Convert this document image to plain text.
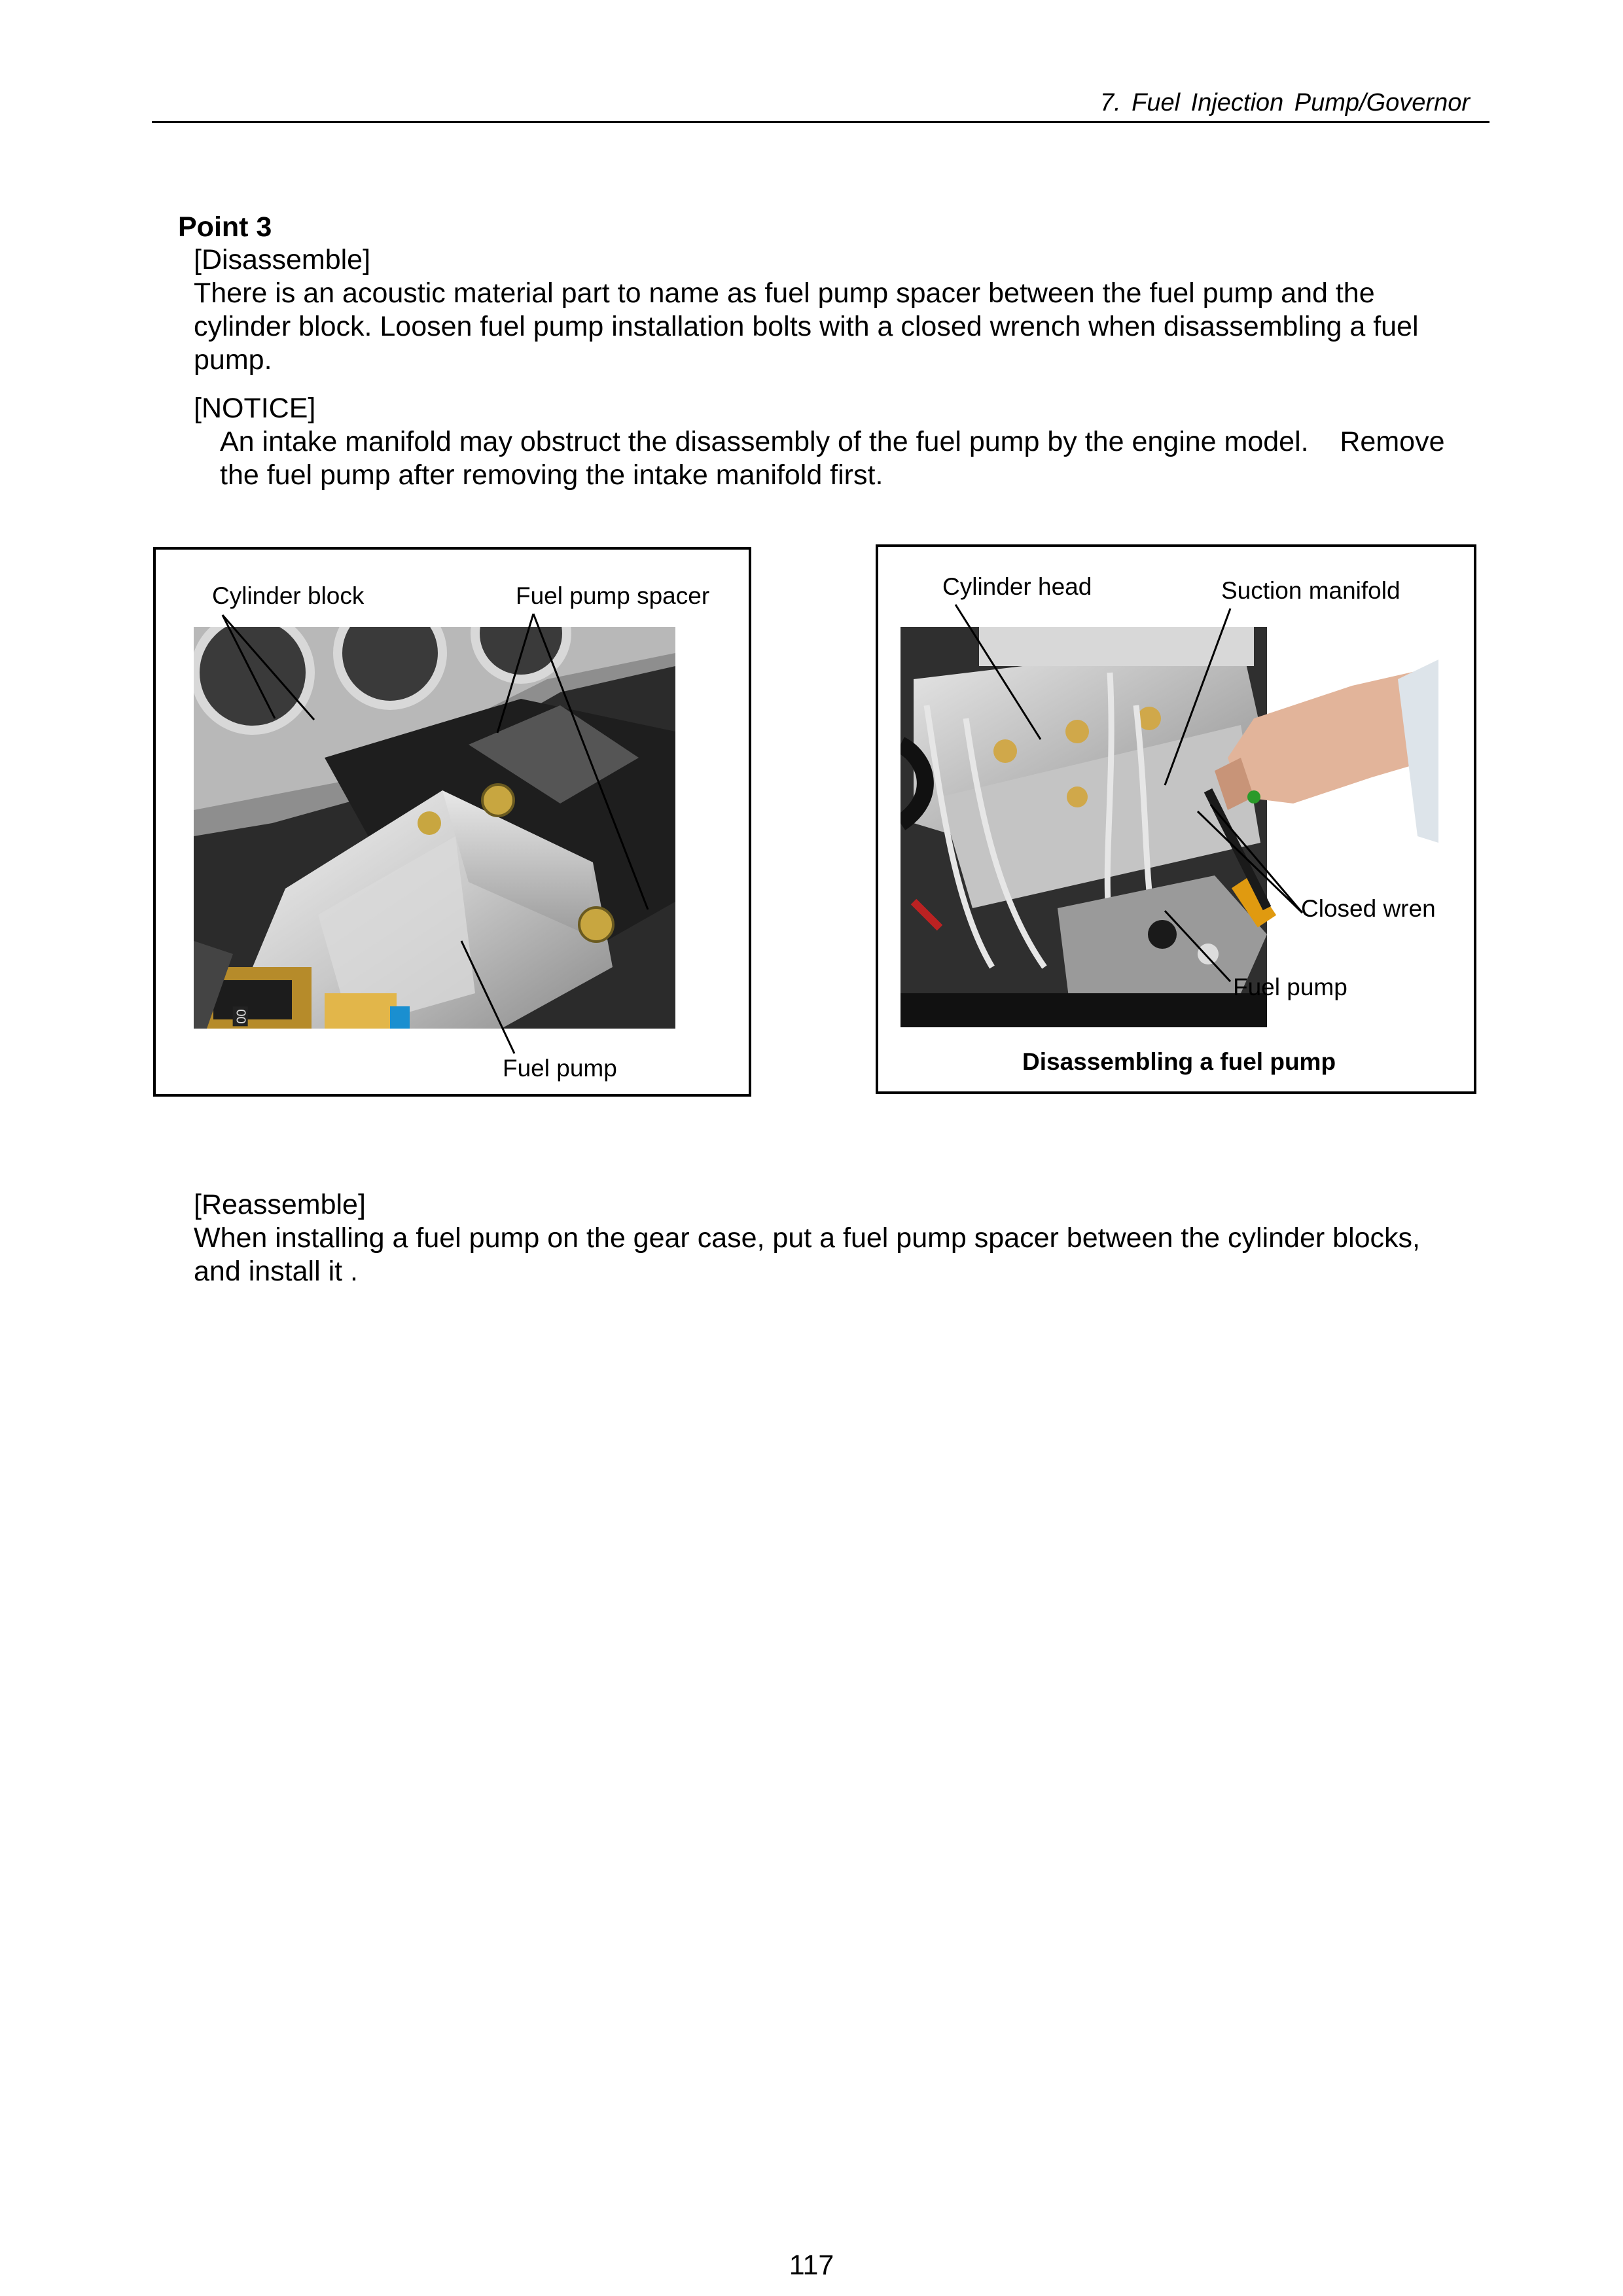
7. Fuel Injection Pump/Governor
Point 3
[Disassemble]
There is an acoustic material part to name as fuel pump spacer between the fuel pump and the
cylinder block. Loosen fuel pump installation bolts with a closed wrench when disassembling a fuel
pump.
[NOTICE]
An intake manifold may obstruct the disassembly of the fuel pump by the engine model.    Remove
the fuel pump after removing the intake manifold first.
00
Cylinder block	Fuel pump spacer
Fuel pump
Cylinder head	Suction manifold
Closed wren
Fuel pump
Disassembling a fuel pump
[Reassemble]
When installing a fuel pump on the gear case, put a fuel pump spacer between the cylinder blocks,
and install it .
117
